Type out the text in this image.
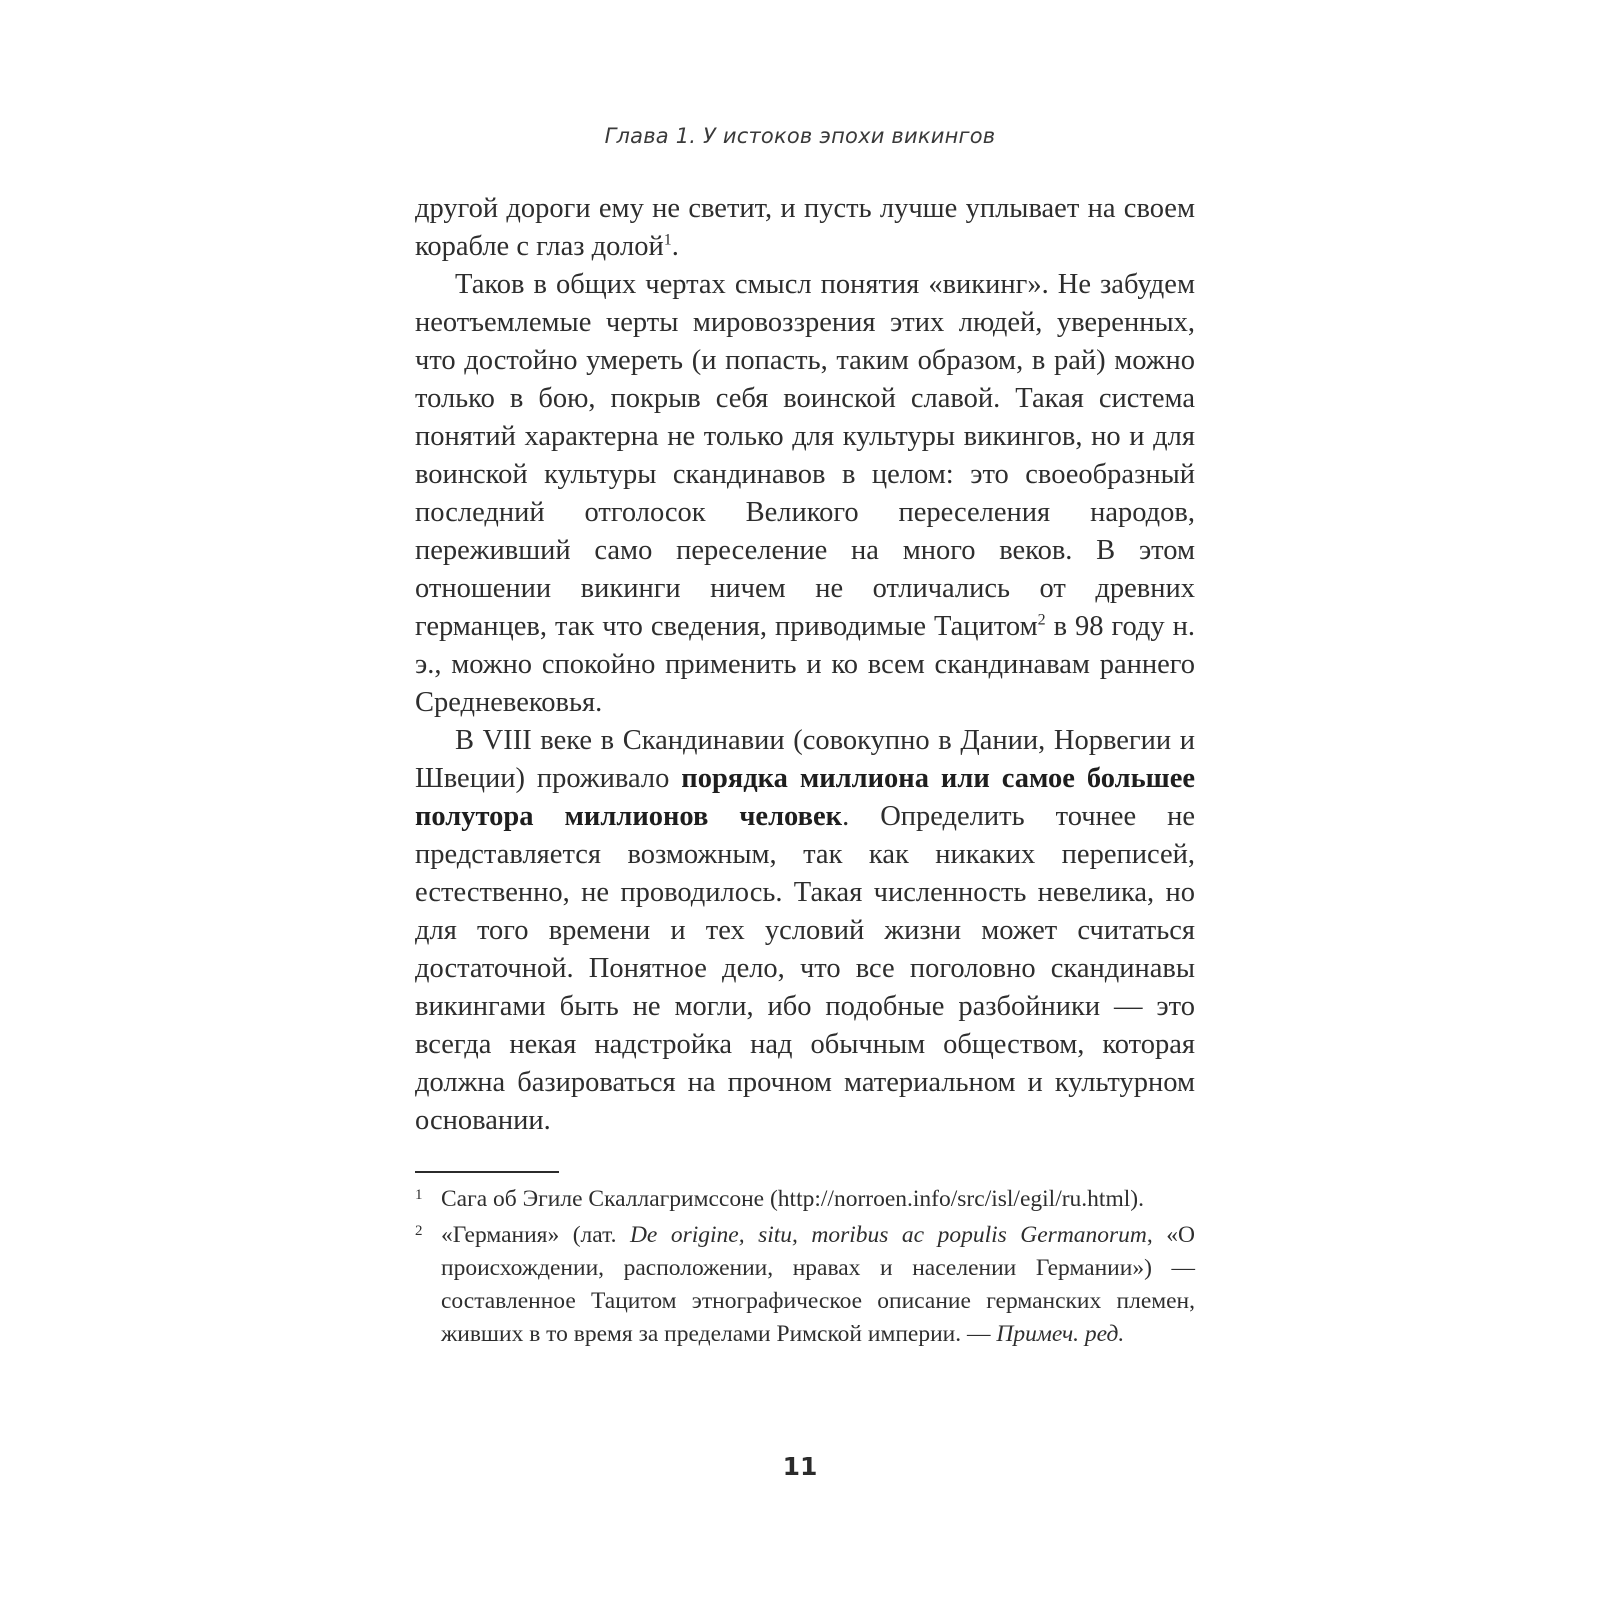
Глава 1. У истоков эпохи викингов

другой дороги ему не светит, и пусть лучше уплывает на своем корабле с глаз долой$^1$.

Таков в общих чертах смысл понятия «викинг». Не забудем неотъемлемые черты мировоззрения этих людей, уверенных, что достойно умереть (и попасть, таким образом, в рай) можно только в бою, покрыв себя воинской славой. Такая система понятий характерна не только для культуры викингов, но и для воинской культуры скандинавов в целом: это своеобразный последний отголосок Великого переселения народов, переживший само переселение на много веков. В этом отношении викинги ничем не отличались от древних германцев, так что сведения, приводимые Тацитом$^2$ в 98 году н. э., можно спокойно применить и ко всем скандинавам раннего Средневековья.

В VIII веке в Скандинавии (совокупно в Дании, Норвегии и Швеции) проживало порядка миллиона или самое большее полутора миллионов человек. Определить точнее не представляется возможным, так как никаких переписей, естественно, не проводилось. Такая численность невелика, но для того времени и тех условий жизни может считаться достаточной. Понятное дело, что все поголовно скандинавы викингами быть не могли, ибо подобные разбойники — это всегда некая надстройка над обычным обществом, которая должна базироваться на прочном материальном и культурном основании.

1 Сага об Эгиле Скаллагримссоне (http://norroen.info/src/isl/egil/ru.html).
2 «Германия» (лат. De origine, situ, moribus ac populis Germanorum, «О происхождении, расположении, нравах и населении Германии») — составленное Тацитом этнографическое описание германских племен, живших в то время за пределами Римской империи. — Примеч. ред.
11
